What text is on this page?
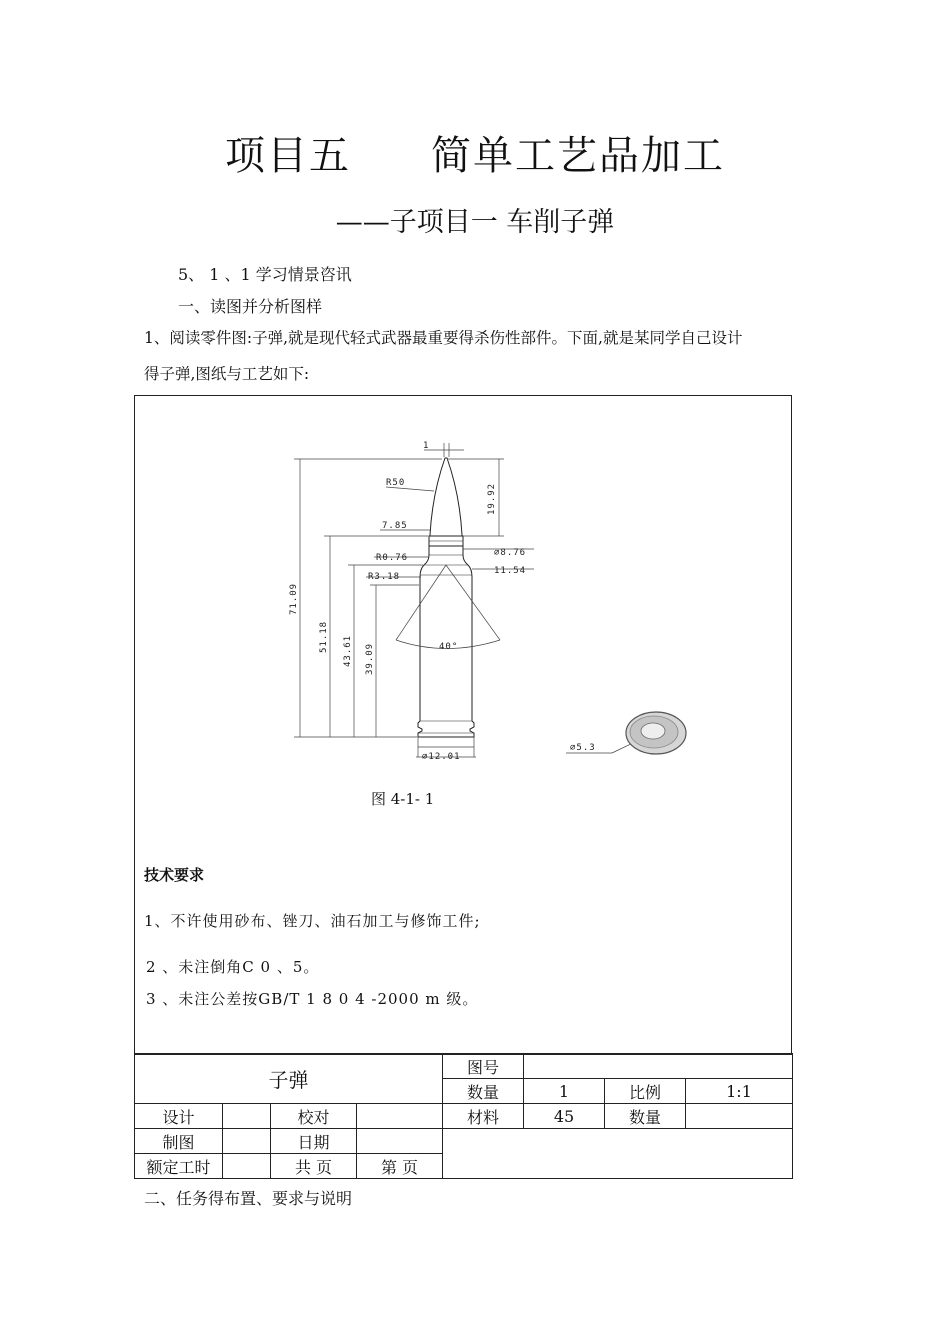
项目五 简单工艺品加工
——子项目一 车削子弹
5、 1 、1 学习情景咨讯
一、读图并分析图样
1、阅读零件图:子弹,就是现代轻式武器最重要得杀伤性部件。下面,就是某同学自己设计
得子弹,图纸与工艺如下:
1
R50	19.92
7.85
∅8.76
R0.76
R3.18
11.54
71.09
51.18 43.61 39.09	40°
∅12.01
∅5.3
图 4-1- 1
技术要求
1、不许使用砂布、锉刀、油石加工与修饰工件;
2 、未注倒角C 0 、5。
3 、未注公差按GB/T 1 8 0 4 -2000 m 级。
子弹				图号			
				数量	1	比例	1:1
设计		校对		材料	45	数量	
制图		日期					
额定工时		共 页	第 页				
二、任务得布置、要求与说明
